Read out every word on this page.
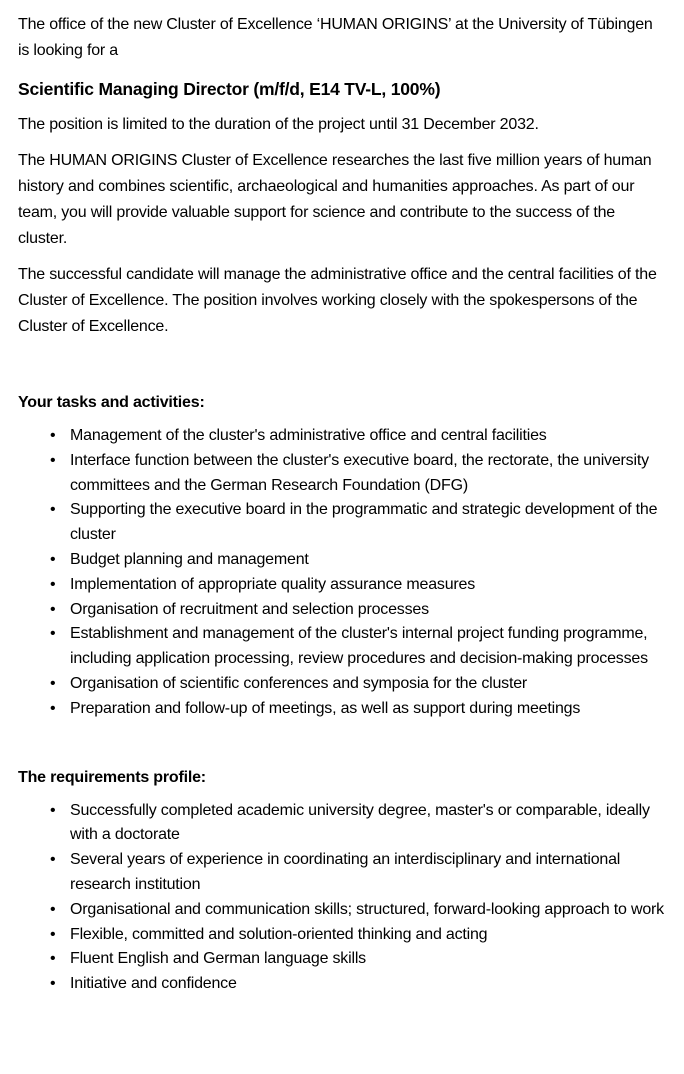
The office of the new Cluster of Excellence ‘HUMAN ORIGINS’ at the University of Tübingen is looking for a

Scientific Managing Director (m/f/d, E14 TV-L, 100%)

The position is limited to the duration of the project until 31 December 2032.

The HUMAN ORIGINS Cluster of Excellence researches the last five million years of human history and combines scientific, archaeological and humanities approaches. As part of our team, you will provide valuable support for science and contribute to the success of the cluster.

The successful candidate will manage the administrative office and the central facilities of the Cluster of Excellence. The position involves working closely with the spokespersons of the Cluster of Excellence.

Your tasks and activities:
• Management of the cluster's administrative office and central facilities
• Interface function between the cluster's executive board, the rectorate, the university committees and the German Research Foundation (DFG)
• Supporting the executive board in the programmatic and strategic development of the cluster
• Budget planning and management
• Implementation of appropriate quality assurance measures
• Organisation of recruitment and selection processes
• Establishment and management of the cluster's internal project funding programme, including application processing, review procedures and decision-making processes
• Organisation of scientific conferences and symposia for the cluster
• Preparation and follow-up of meetings, as well as support during meetings
The requirements profile:
• Successfully completed academic university degree, master's or comparable, ideally with a doctorate
• Several years of experience in coordinating an interdisciplinary and international research institution
• Organisational and communication skills; structured, forward-looking approach to work
• Flexible, committed and solution-oriented thinking and acting
• Fluent English and German language skills
• Initiative and confidence
